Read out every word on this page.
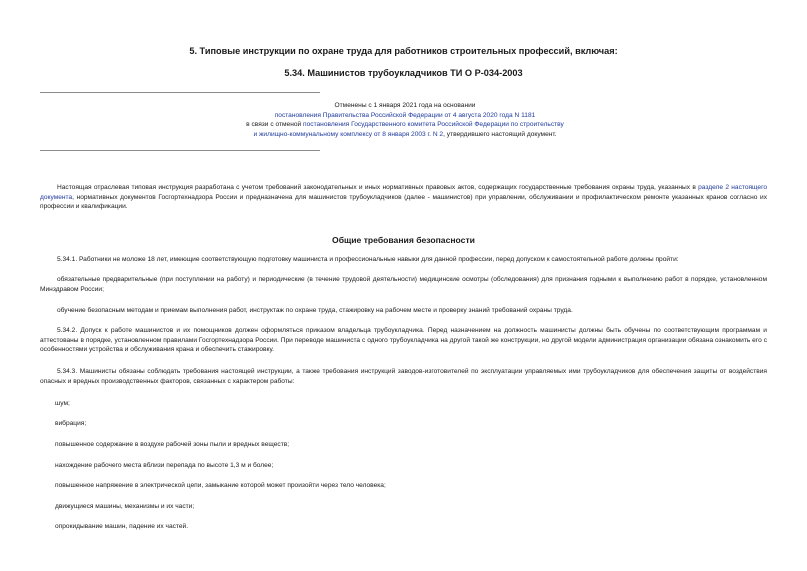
5. Типовые инструкции по охране труда для работников строительных профессий, включая:
5.34. Машинистов трубоукладчиков ТИ О Р-034-2003
Отменены с 1 января 2021 года на основании
постановления Правительства Российской Федерации от 4 августа 2020 года N 1181
в связи с отменой постановления Государственного комитета Российской Федерации по строительству
и жилищно-коммунальному комплексу от 8 января 2003 г. N 2, утвердившего настоящий документ.
Настоящая отраслевая типовая инструкция разработана с учетом требований законодательных и иных нормативных правовых актов, содержащих государственные требования охраны труда, указанных в разделе 2 настоящего документа, нормативных документов Госгортехнадзора России и предназначена для машинистов трубоукладчиков (далее - машинистов) при управлении, обслуживании и профилактическом ремонте указанных кранов согласно их профессии и квалификации.
Общие требования безопасности
5.34.1. Работники не моложе 18 лет, имеющие соответствующую подготовку машиниста и профессиональные навыки для данной профессии, перед допуском к самостоятельной работе должны пройти:
обязательные предварительные (при поступлении на работу) и периодические (в течение трудовой деятельности) медицинские осмотры (обследования) для признания годными к выполнению работ в порядке, установленном Минздравом России;
обучение безопасным методам и приемам выполнения работ, инструктаж по охране труда, стажировку на рабочем месте и проверку знаний требований охраны труда.
5.34.2. Допуск к работе машинистов и их помощников должен оформляться приказом владельца трубоукладчика. Перед назначением на должность машинисты должны быть обучены по соответствующим программам и аттестованы в порядке, установленном правилами Госгортехнадзора России. При переводе машиниста с одного трубоукладчика на другой такой же конструкции, но другой модели администрация организации обязана ознакомить его с особенностями устройства и обслуживания крана и обеспечить стажировку.
5.34.3. Машинисты обязаны соблюдать требования настоящей инструкции, а также требования инструкций заводов-изготовителей по эксплуатации управляемых ими трубоукладчиков для обеспечения защиты от воздействия опасных и вредных производственных факторов, связанных с характером работы:
шум;
вибрация;
повышенное содержание в воздухе рабочей зоны пыли и вредных веществ;
нахождение рабочего места вблизи перепада по высоте 1,3 м и более;
повышенное напряжение в электрической цепи, замыкание которой может произойти через тело человека;
движущиеся машины, механизмы и их части;
опрокидывание машин, падение их частей.
